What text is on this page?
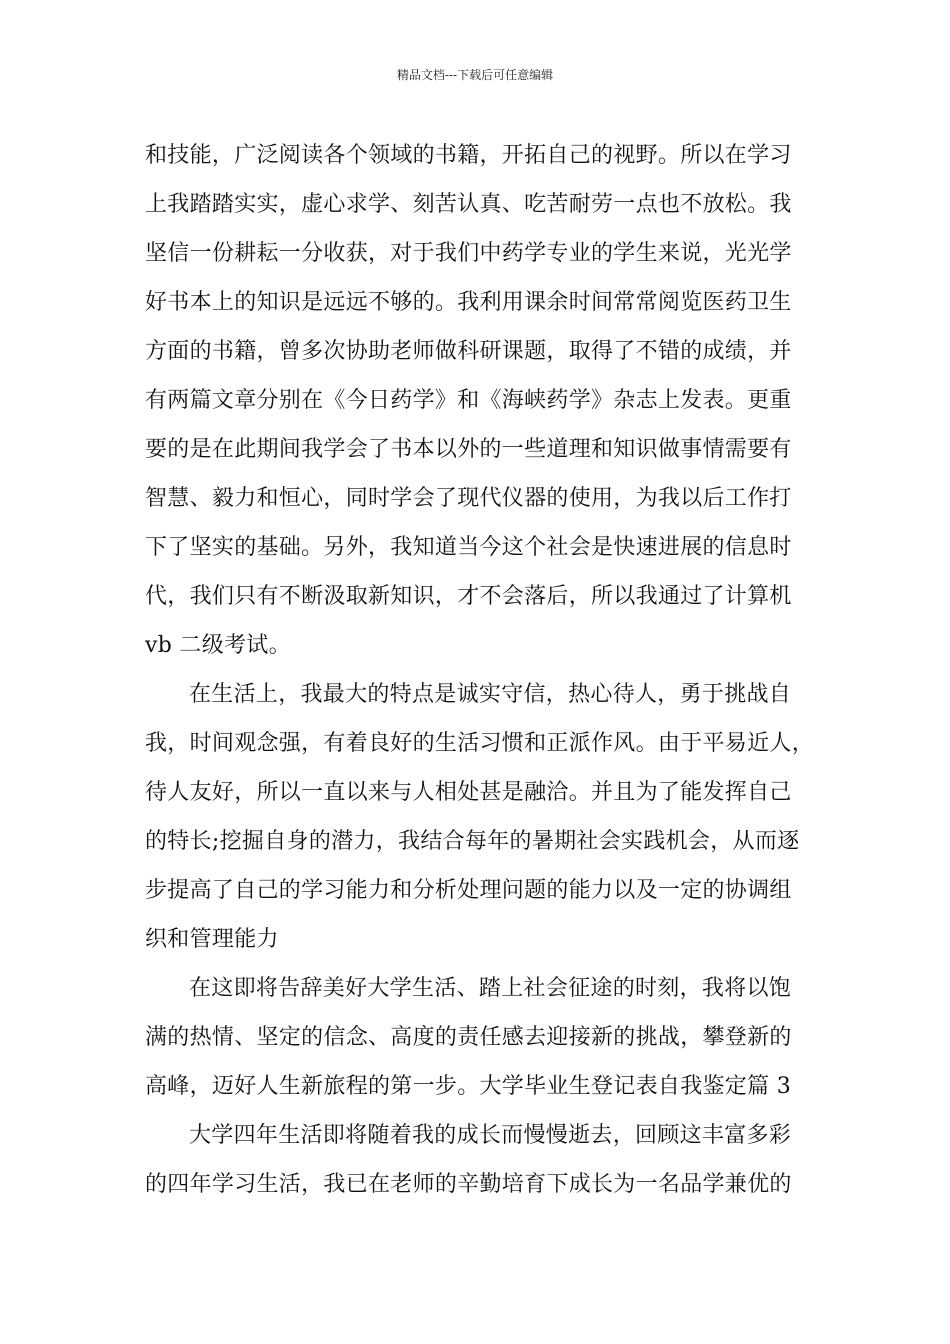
精品文档---下载后可任意编辑
和技能，广泛阅读各个领域的书籍，开拓自己的视野。所以在学习
上我踏踏实实，虚心求学、刻苦认真、吃苦耐劳一点也不放松。我
坚信一份耕耘一分收获，对于我们中药学专业的学生来说，光光学
好书本上的知识是远远不够的。我利用课余时间常常阅览医药卫生
方面的书籍，曾多次协助老师做科研课题，取得了不错的成绩，并
有两篇文章分别在《今日药学》和《海峡药学》杂志上发表。更重
要的是在此期间我学会了书本以外的一些道理和知识做事情需要有
智慧、毅力和恒心，同时学会了现代仪器的使用，为我以后工作打
下了坚实的基础。另外，我知道当今这个社会是快速进展的信息时
代，我们只有不断汲取新知识，才不会落后，所以我通过了计算机
vb 二级考试。
在生活上，我最大的特点是诚实守信，热心待人，勇于挑战自
我，时间观念强，有着良好的生活习惯和正派作风。由于平易近人，
待人友好，所以一直以来与人相处甚是融洽。并且为了能发挥自己
的特长;挖掘自身的潜力，我结合每年的暑期社会实践机会，从而逐
步提高了自己的学习能力和分析处理问题的能力以及一定的协调组
织和管理能力
在这即将告辞美好大学生活、踏上社会征途的时刻，我将以饱
满的热情、坚定的信念、高度的责任感去迎接新的挑战，攀登新的
高峰，迈好人生新旅程的第一步。大学毕业生登记表自我鉴定篇 3
大学四年生活即将随着我的成长而慢慢逝去，回顾这丰富多彩
的四年学习生活，我已在老师的辛勤培育下成长为一名品学兼优的
